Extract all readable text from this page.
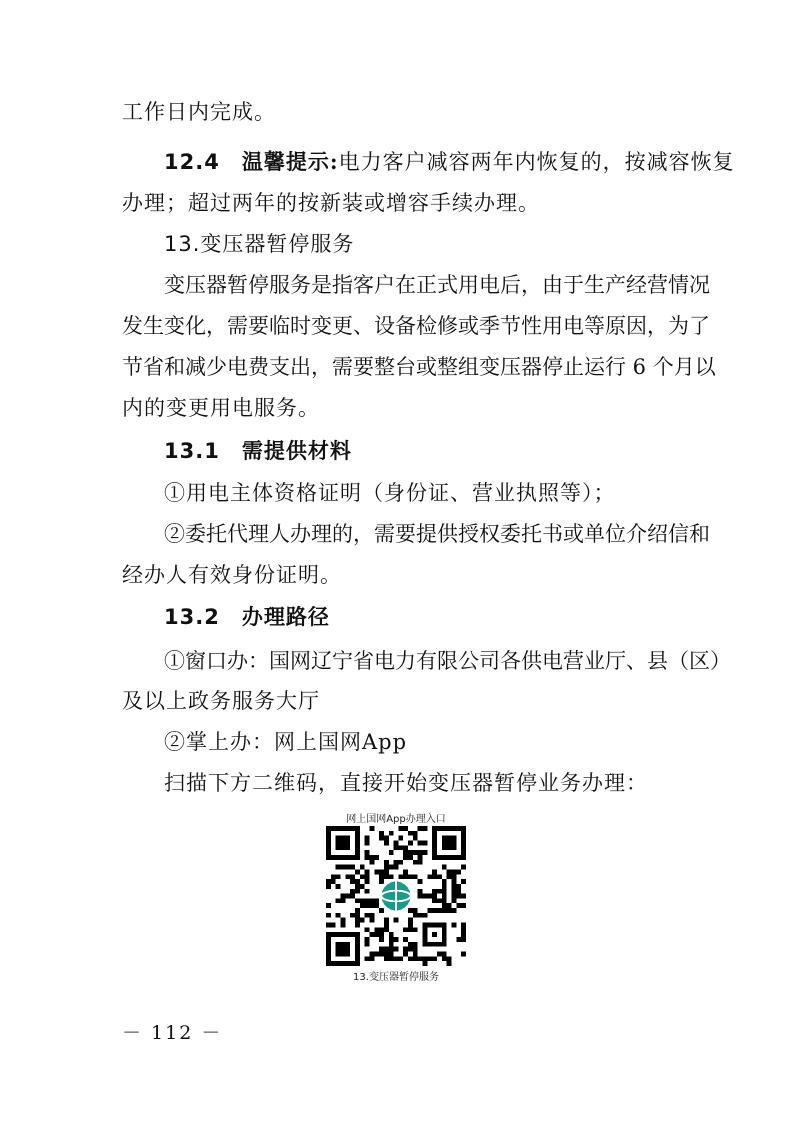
工作日内完成。
12.4 温馨提示:电力客户减容两年内恢复的，按减容恢复
办理；超过两年的按新装或增容手续办理。
13.变压器暂停服务
变压器暂停服务是指客户在正式用电后，由于生产经营情况
发生变化，需要临时变更、设备检修或季节性用电等原因，为了
节省和减少电费支出，需要整台或整组变压器停止运行 6 个月以
内的变更用电服务。
13.1 需提供材料
①用电主体资格证明（身份证、营业执照等）；
②委托代理人办理的，需要提供授权委托书或单位介绍信和
经办人有效身份证明。
13.2 办理路径
①窗口办：国网辽宁省电力有限公司各供电营业厅、县（区）
及以上政务服务大厅
②掌上办：网上国网App
扫描下方二维码，直接开始变压器暂停业务办理：
网上国网App办理入口
13.变压器暂停服务
－ 112 －
